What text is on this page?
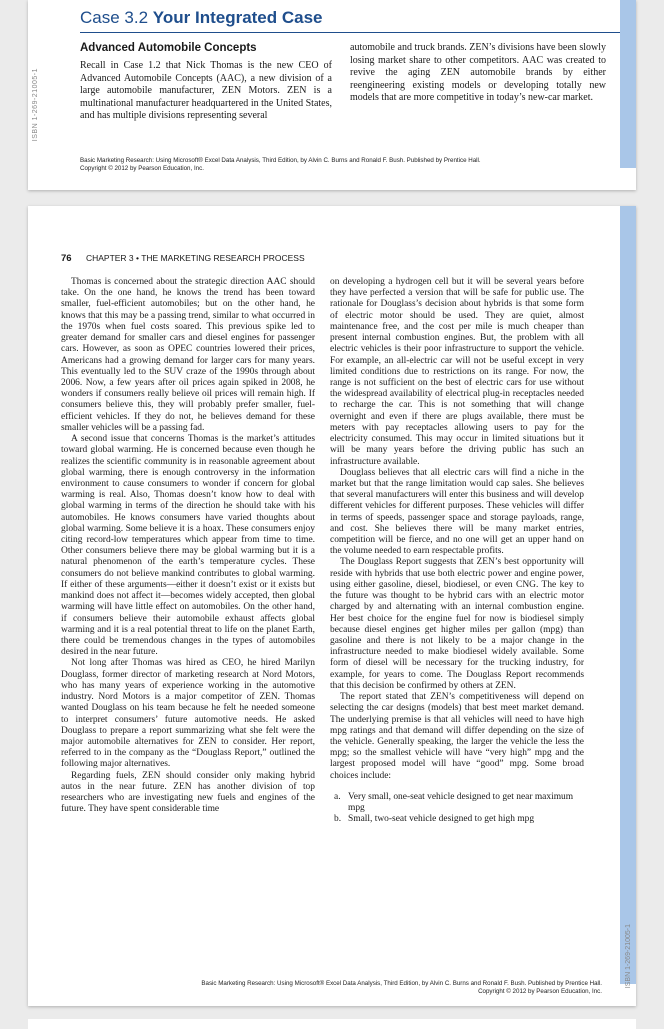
Case 3.2 Your Integrated Case
Advanced Automobile Concepts

Recall in Case 1.2 that Nick Thomas is the new CEO of Advanced Automobile Concepts (AAC), a new division of a large automobile manufacturer, ZEN Motors. ZEN is a multinational manufacturer headquartered in the United States, and has multiple divisions representing several

automobile and truck brands. ZEN’s divisions have been slowly losing market share to other competitors. AAC was created to revive the aging ZEN automobile brands by either reengineering existing models or developing totally new models that are more competitive in today’s new-car market.

ISBN 1-269-21005-1
Basic Marketing Research: Using Microsoft® Excel Data Analysis, Third Edition, by Alvin C. Burns and Ronald F. Bush. Published by Prentice Hall.
Copyright © 2012 by Pearson Education, Inc.
76 CHAPTER 3 • THE MARKETING RESEARCH PROCESS

Thomas is concerned about the strategic direction AAC should take. On the one hand, he knows the trend has been toward smaller, fuel-efficient automobiles; but on the other hand, he knows that this may be a passing trend, similar to what occurred in the 1970s when fuel costs soared. This previous spike led to greater demand for smaller cars and diesel engines for passenger cars. However, as soon as OPEC countries lowered their prices, Americans had a growing demand for larger cars for many years. This eventually led to the SUV craze of the 1990s through about 2006. Now, a few years after oil prices again spiked in 2008, he wonders if consumers really believe oil prices will remain high. If consumers believe this, they will probably prefer smaller, fuel-efficient vehicles. If they do not, he believes demand for these smaller vehicles will be a passing fad.

A second issue that concerns Thomas is the market’s attitudes toward global warming. He is concerned because even though he realizes the scientific community is in reasonable agreement about global warming, there is enough controversy in the information environment to cause consumers to wonder if concern for global warming is real. Also, Thomas doesn’t know how to deal with global warming in terms of the direction he should take with his automobiles. He knows consumers have varied thoughts about global warming. Some believe it is a hoax. These consumers enjoy citing record-low temperatures which appear from time to time. Other consumers believe there may be global warming but it is a natural phenomenon of the earth’s temperature cycles. These consumers do not believe mankind contributes to global warming. If either of these arguments—either it doesn’t exist or it exists but mankind does not affect it—becomes widely accepted, then global warming will have little effect on automobiles. On the other hand, if consumers believe their automobile exhaust affects global warming and it is a real potential threat to life on the planet Earth, there could be tremendous changes in the types of automobiles desired in the near future.

Not long after Thomas was hired as CEO, he hired Marilyn Douglass, former director of marketing research at Nord Motors, who has many years of experience working in the automotive industry. Nord Motors is a major competitor of ZEN. Thomas wanted Douglass on his team because he felt he needed someone to interpret consumers’ future automotive needs. He asked Douglass to prepare a report summarizing what she felt were the major automobile alternatives for ZEN to consider. Her report, referred to in the company as the “Douglass Report,” outlined the following major alternatives.

Regarding fuels, ZEN should consider only making hybrid autos in the near future. ZEN has another division of top researchers who are investigating new fuels and engines of the future. They have spent considerable time

on developing a hydrogen cell but it will be several years before they have perfected a version that will be safe for public use. The rationale for Douglass’s decision about hybrids is that some form of electric motor should be used. They are quiet, almost maintenance free, and the cost per mile is much cheaper than present internal combustion engines. But, the problem with all electric vehicles is their poor infrastructure to support the vehicle. For example, an all-electric car will not be useful except in very limited conditions due to restrictions on its range. For now, the range is not sufficient on the best of electric cars for use without the widespread availability of electrical plug-in receptacles needed to recharge the car. This is not something that will change overnight and even if there are plugs available, there must be meters with pay receptacles allowing users to pay for the electricity consumed. This may occur in limited situations but it will be many years before the driving public has such an infrastructure available.

Douglass believes that all electric cars will find a niche in the market but that the range limitation would cap sales. She believes that several manufacturers will enter this business and will develop different vehicles for different purposes. These vehicles will differ in terms of speeds, passenger space and storage payloads, range, and cost. She believes there will be many market entries, competition will be fierce, and no one will get an upper hand on the volume needed to earn respectable profits.

The Douglass Report suggests that ZEN’s best opportunity will reside with hybrids that use both electric power and engine power, using either gasoline, diesel, biodiesel, or even CNG. The key to the future was thought to be hybrid cars with an electric motor charged by and alternating with an internal combustion engine. Her best choice for the engine fuel for now is biodiesel simply because diesel engines get higher miles per gallon (mpg) than gasoline and there is not likely to be a major change in the infrastructure needed to make biodiesel widely available. Some form of diesel will be necessary for the trucking industry, for example, for years to come. The Douglass Report recommends that this decision be confirmed by others at ZEN.

The report stated that ZEN’s competitiveness will depend on selecting the car designs (models) that best meet market demand. The underlying premise is that all vehicles will need to have high mpg ratings and that demand will differ depending on the size of the vehicle. Generally speaking, the larger the vehicle the less the mpg; so the smallest vehicle will have “very high” mpg and the largest proposed model will have “good” mpg. Some broad choices include:

a. Very small, one-seat vehicle designed to get near maximum mpg
b. Small, two-seat vehicle designed to get high mpg
ISBN 1-269-21005-1
Basic Marketing Research: Using Microsoft® Excel Data Analysis, Third Edition, by Alvin C. Burns and Ronald F. Bush. Published by Prentice Hall.
Copyright © 2012 by Pearson Education, Inc.
